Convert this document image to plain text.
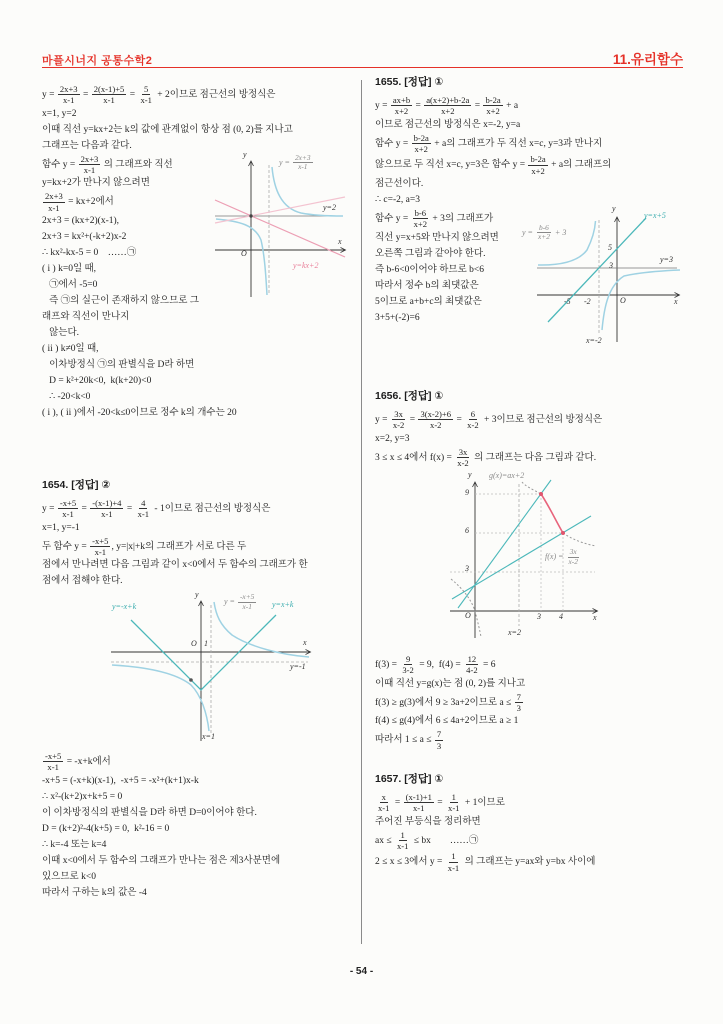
마플시너지 공통수학2	11.유리함수
$y = \frac{2x+3}{x-1} = \frac{2(x-1)+5}{x-1} = \frac{5}{x-1} + 2$이므로 점근선의 방정식은
x=1, y=2
이때 직선 y=kx+2는 k의 값에 관계없이 항상 점 (0, 2)를 지나고
그래프는 다음과 같다.
y
x
O
y=2
$y = \frac{2x+3}{x-1}$
y=kx+2
함수 $y = \frac{2x+3}{x-1}$ 의 그래프와 직선
y=kx+2가 만나지 않으려면
$\frac{2x+3}{x-1} = kx+2$에서
2x+3 = (kx+2)(x-1),
2x+3 = kx²+(-k+2)x-2
∴ kx²-kx-5 = 0    ……㉠
( i ) k=0일 때,
㉠에서 -5=0
즉 ㉠의 실근이 존재하지 않으므로 그래프와 직선이 만나지
않는다.
( ii ) k≠0일 때,
이차방정식 ㉠의 판별식을 D라 하면
D = k²+20k<0,  k(k+20)<0
∴ -20<k<0
( i ), ( ii )에서 -20<k≤0이므로 정수 k의 개수는 20
1654. [정답] ②
$y = \frac{-x+5}{x-1} = \frac{-(x-1)+4}{x-1} = \frac{4}{x-1} - 1$이므로 점근선의 방정식은
x=1, y=-1
두 함수 $y = \frac{-x+5}{x-1}$ , y=|x|+k의 그래프가 서로 다른 두
점에서 만나려면 다음 그림과 같이 x<0에서 두 함수의 그래프가 한
점에서 접해야 한다.
y
x
O 1
y=-x+k	y=x+k
$y = \frac{-x+5}{x-1}$
y=-1
x=1
$\frac{-x+5}{x-1} = -x+k$에서
-x+5 = (-x+k)(x-1),  -x+5 = -x²+(k+1)x-k
∴ x²-(k+2)x+k+5 = 0
이 이차방정식의 판별식을 D라 하면 D=0이어야 한다.
D = (k+2)²-4(k+5) = 0,  k²-16 = 0
∴ k=-4 또는 k=4
이때 x<0에서 두 함수의 그래프가 만나는 점은 제3사분면에
있으므로 k<0
따라서 구하는 k의 값은 -4
1655. [정답] ①
$y = \frac{ax+b}{x+2} = \frac{a(x+2)+b-2a}{x+2} = \frac{b-2a}{x+2} + a$
이므로 점근선의 방정식은 x=-2, y=a
함수 $y = \frac{b-2a}{x+2} + a$의 그래프가 두 직선 x=c, y=3과 만나지
않으므로 두 직선 x=c, y=3은 함수 $y = \frac{b-2a}{x+2} + a$의 그래프의
점근선이다.
∴ c=-2, a=3
y
x
O
5
3
-5 -2
y=x+5
y=3
x=-2
$y = \frac{b-6}{x+2} + 3$
함수 $y = \frac{b-6}{x+2} + 3$의 그래프가
직선 y=x+5와 만나지 않으려면
오른쪽 그림과 같아야 한다.
즉 b-6<0이어야 하므로 b<6
따라서 정수 b의 최댓값은
5이므로 a+b+c의 최댓값은
3+5+(-2)=6
1656. [정답] ①
$y = \frac{3x}{x-2} = \frac{3(x-2)+6}{x-2} = \frac{6}{x-2} + 3$이므로 점근선의 방정식은
x=2, y=3
3 ≤ x ≤ 4에서 $f(x) = \frac{3x}{x-2}$ 의 그래프는 다음 그림과 같다.
y
x
O
9
6
3
3 4
x=2
g(x)=ax+2
$f(x) = \frac{3x}{x-2}$
$f(3) = \frac{9}{3-2} = 9$,  $f(4) = \frac{12}{4-2} = 6$
이때 직선 y=g(x)는 점 (0, 2)를 지나고
f(3) ≥ g(3)에서 9 ≥ 3a+2이므로 $a \le \frac{7}{3}$
f(4) ≤ g(4)에서 6 ≤ 4a+2이므로 a ≥ 1
따라서 $1 \le a \le \frac{7}{3}$
1657. [정답] ①
$\frac{x}{x-1} = \frac{(x-1)+1}{x-1} = \frac{1}{x-1} + 1$이므로
주어진 부등식을 정리하면
ax ≤ $\frac{1}{x-1}$ ≤ bx        ……㉠
2 ≤ x ≤ 3에서 $y = \frac{1}{x-1}$ 의 그래프는 y=ax와 y=bx 사이에
- 54 -
